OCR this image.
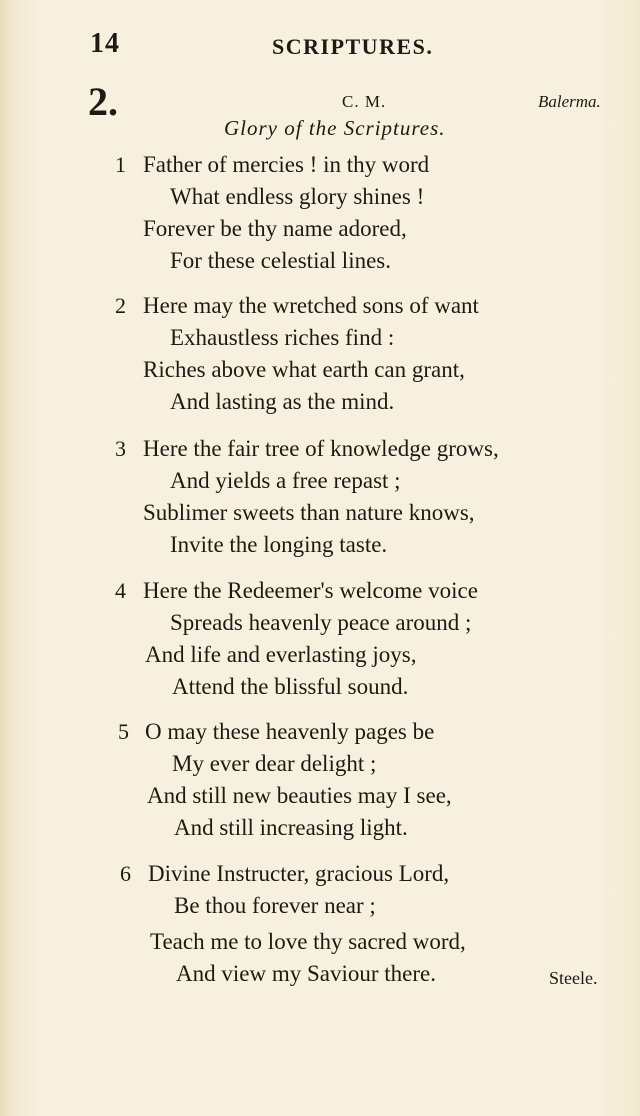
14	SCRIPTURES.
2.	C. M.	Balerma.
Glory of the Scriptures.
1 Father of mercies ! in thy word
What endless glory shines !
Forever be thy name adored,
For these celestial lines.
2 Here may the wretched sons of want
Exhaustless riches find :
Riches above what earth can grant,
And lasting as the mind.
3 Here the fair tree of knowledge grows,
And yields a free repast ;
Sublimer sweets than nature knows,
Invite the longing taste.
4 Here the Redeemer's welcome voice
Spreads heavenly peace around ;
And life and everlasting joys,
Attend the blissful sound.
5 O may these heavenly pages be
My ever dear delight ;
And still new beauties may I see,
And still increasing light.
6 Divine Instructer, gracious Lord,
Be thou forever near ;
Teach me to love thy sacred word,
And view my Saviour there.	Steele.
